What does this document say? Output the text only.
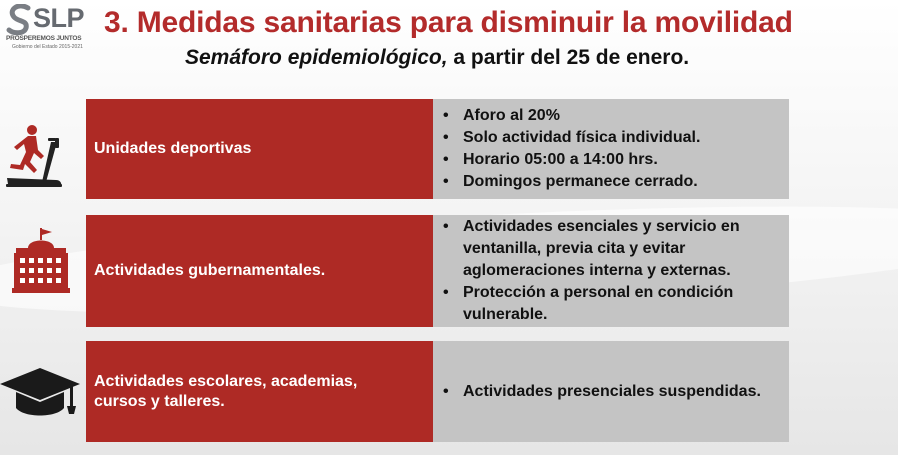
SLP
PROSPEREMOS JUNTOS
Gobierno del Estado 2015-2021
3. Medidas sanitarias para disminuir la movilidad
Semáforo epidemiológico, a partir del 25 de enero.
Unidades deportivas
• Aforo al 20%
• Solo actividad física individual.
• Horario 05:00 a 14:00 hrs.
• Domingos permanece cerrado.
Actividades gubernamentales.
• Actividades esenciales y servicio en ventanilla, previa cita y evitar aglomeraciones interna y externas.
• Protección a personal en condición vulnerable.
Actividades escolares, academias, cursos y talleres.
• Actividades presenciales suspendidas.
